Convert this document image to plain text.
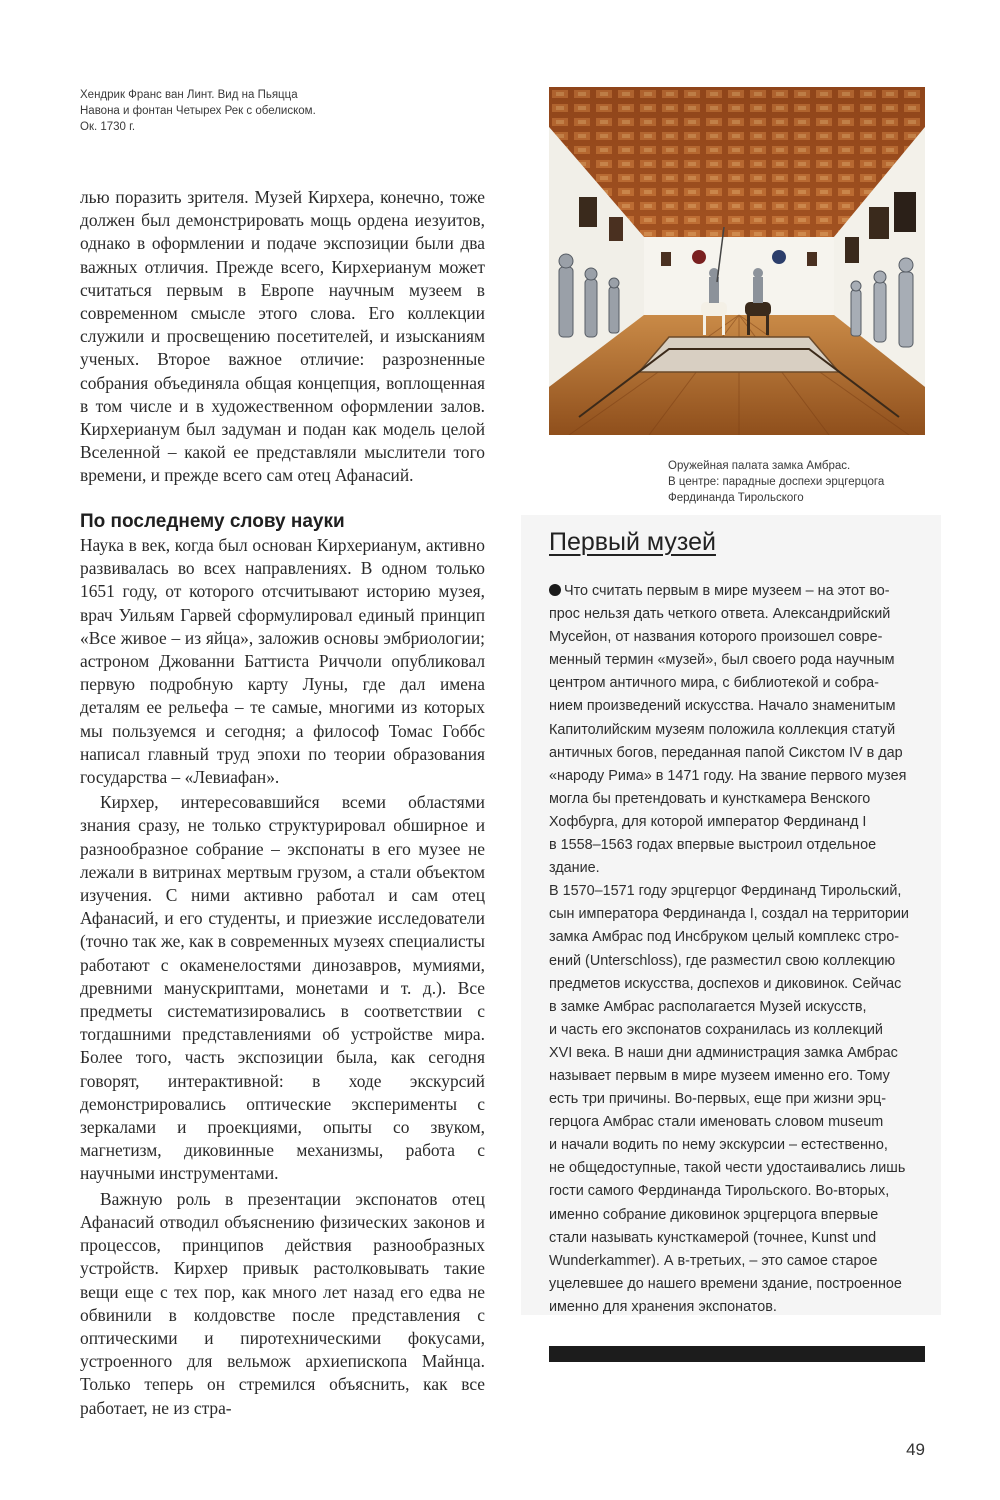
Хендрик Франс ван Линт. Вид на Пьяцца
Навона и фонтан Четырех Рек с обелиском.
Ок. 1730 г.

лью поразить зрителя. Музей Кирхера, конечно, тоже должен был демонстрировать мощь ордена иезуитов, однако в оформлении и подаче экспозиции были два важных отличия. Прежде всего, Кирхерианум может считаться первым в Европе научным музеем в современном смысле этого слова. Его коллекции служили и просвещению посетителей, и изысканиям ученых. Второе важное отличие: разрозненные собрания объединяла общая концепция, воплощенная в том числе и в художественном оформлении залов. Кирхерианум был задуман и подан как модель целой Вселенной – какой ее представляли мыслители того времени, и прежде всего сам отец Афанасий.

По последнему слову науки

Наука в век, когда был основан Кирхерианум, активно развивалась во всех направлениях. В одном только 1651 году, от которого отсчитывают историю музея, врач Уильям Гарвей сформулировал единый принцип «Все живое – из яйца», заложив основы эмбриологии; астроном Джованни Баттиста Риччоли опубликовал первую подробную карту Луны, где дал имена деталям ее рельефа – те самые, многими из которых мы пользуемся и сегодня; а философ Томас Гоббс написал главный труд эпохи по теории образования государства – «Левиафан».

Кирхер, интересовавшийся всеми областями знания сразу, не только структурировал обширное и разнообразное собрание – экспонаты в его музее не лежали в витринах мертвым грузом, а стали объектом изучения. С ними активно работал и сам отец Афанасий, и его студенты, и приезжие исследователи (точно так же, как в современных музеях специалисты работают с окаменелостями динозавров, мумиями, древними манускриптами, монетами и т. д.). Все предметы систематизировались в соответствии с тогдашними представлениями об устройстве мира. Более того, часть экспозиции была, как сегодня говорят, интерактивной: в ходе экскурсий демонстрировались оптические эксперименты с зеркалами и проекциями, опыты со звуком, магнетизм, диковинные механизмы, работа с научными инструментами.

Важную роль в презентации экспонатов отец Афанасий отводил объяснению физических законов и процессов, принципов действия разнообразных устройств. Кирхер привык растолковывать такие вещи еще с тех пор, как много лет назад его едва не обвинили в колдовстве после представления с оптическими и пиротехническими фокусами, устроенного для вельмож архиепископа Майнца. Только теперь он стремился объяснить, как все работает, не из стра-

Оружейная палата замка Амбрас.
В центре: парадные доспехи эрцгерцога
Фердинанда Тирольского
Первый музей

Что считать первым в мире музеем – на этот во-
прос нельзя дать четкого ответа. Александрийский
Мусейон, от названия которого произошел совре-
менный термин «музей», был своего рода научным
центром античного мира, с библиотекой и собра-
нием произведений искусства. Начало знаменитым
Капитолийским музеям положила коллекция статуй
античных богов, переданная папой Сикстом IV в дар
«народу Рима» в 1471 году. На звание первого музея
могла бы претендовать и кунсткамера Венского
Хофбурга, для которой император Фердинанд I
в 1558–1563 годах впервые выстроил отдельное
здание.

В 1570–1571 году эрцгерцог Фердинанд Тирольский,
сын императора Фердинанда I, создал на территории
замка Амбрас под Инсбруком целый комплекс стро-
ений (Unterschloss), где разместил свою коллекцию
предметов искусства, доспехов и диковинок. Сейчас
в замке Амбрас располагается Музей искусств,
и часть его экспонатов сохранилась из коллекций
XVI века. В наши дни администрация замка Амбрас
называет первым в мире музеем именно его. Тому
есть три причины. Во-первых, еще при жизни эрц-
герцога Амбрас стали именовать словом museum
и начали водить по нему экскурсии – естественно,
не общедоступные, такой чести удостаивались лишь
гости самого Фердинанда Тирольского. Во-вторых,
именно собрание диковинок эрцгерцога впервые
стали называть кунсткамерой (точнее, Kunst und
Wunderkammer). А в-третьих, – это самое старое
уцелевшее до нашего времени здание, построенное
именно для хранения экспонатов.

49
